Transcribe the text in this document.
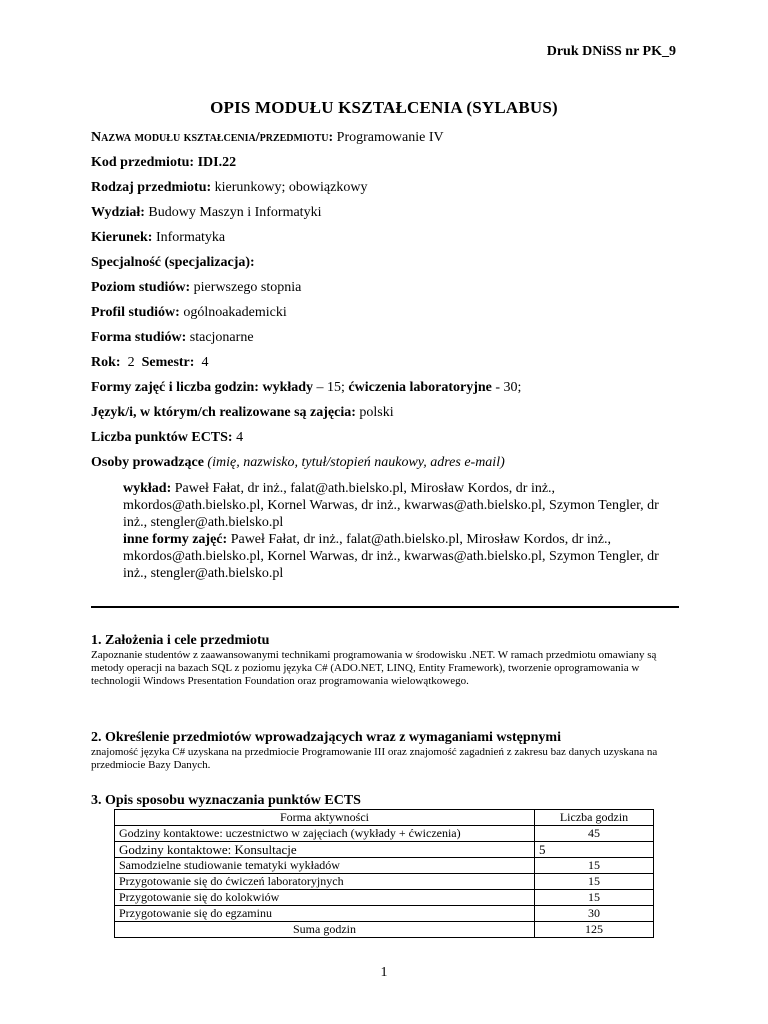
Druk DNiSS nr PK_9
OPIS MODUŁU KSZTAŁCENIA (SYLABUS)
Nazwa modułu kształcenia/przedmiotu: Programowanie IV
Kod przedmiotu: IDI.22
Rodzaj przedmiotu: kierunkowy; obowiązkowy
Wydział: Budowy Maszyn i Informatyki
Kierunek: Informatyka
Specjalność (specjalizacja):
Poziom studiów: pierwszego stopnia
Profil studiów: ogólnoakademicki
Forma studiów: stacjonarne
Rok: 2 Semestr: 4
Formy zajęć i liczba godzin: wykłady – 15; ćwiczenia laboratoryjne - 30;
Język/i, w którym/ch realizowane są zajęcia: polski
Liczba punktów ECTS: 4
Osoby prowadzące (imię, nazwisko, tytuł/stopień naukowy, adres e-mail)

wykład: Paweł Fałat, dr inż., falat@ath.bielsko.pl, Mirosław Kordos, dr inż., mkordos@ath.bielsko.pl, Kornel Warwas, dr inż., kwarwas@ath.bielsko.pl, Szymon Tengler, dr inż., stengler@ath.bielsko.pl

inne formy zajęć: Paweł Fałat, dr inż., falat@ath.bielsko.pl, Mirosław Kordos, dr inż., mkordos@ath.bielsko.pl, Kornel Warwas, dr inż., kwarwas@ath.bielsko.pl, Szymon Tengler, dr inż., stengler@ath.bielsko.pl

1. Założenia i cele przedmiotu

Zapoznanie studentów z zaawansowanymi technikami programowania w środowisku .NET. W ramach przedmiotu omawiany są metody operacji na bazach SQL z poziomu języka C# (ADO.NET, LINQ, Entity Framework), tworzenie oprogramowania w technologii Windows Presentation Foundation oraz programowania wielowątkowego.

2. Określenie przedmiotów wprowadzających wraz z wymaganiami wstępnymi

znajomość języka C# uzyskana na przedmiocie Programowanie III oraz znajomość zagadnień z zakresu baz danych uzyskana na przedmiocie Bazy Danych.

3. Opis sposobu wyznaczania punktów ECTS

Forma aktywności	Liczba godzin
Godziny kontaktowe: uczestnictwo w zajęciach (wykłady + ćwiczenia)	45
Godziny kontaktowe: Konsultacje	5
Samodzielne studiowanie tematyki wykładów	15
Przygotowanie się do ćwiczeń laboratoryjnych	15
Przygotowanie się do kolokwiów	15
Przygotowanie się do egzaminu	30
Suma godzin	125
1
